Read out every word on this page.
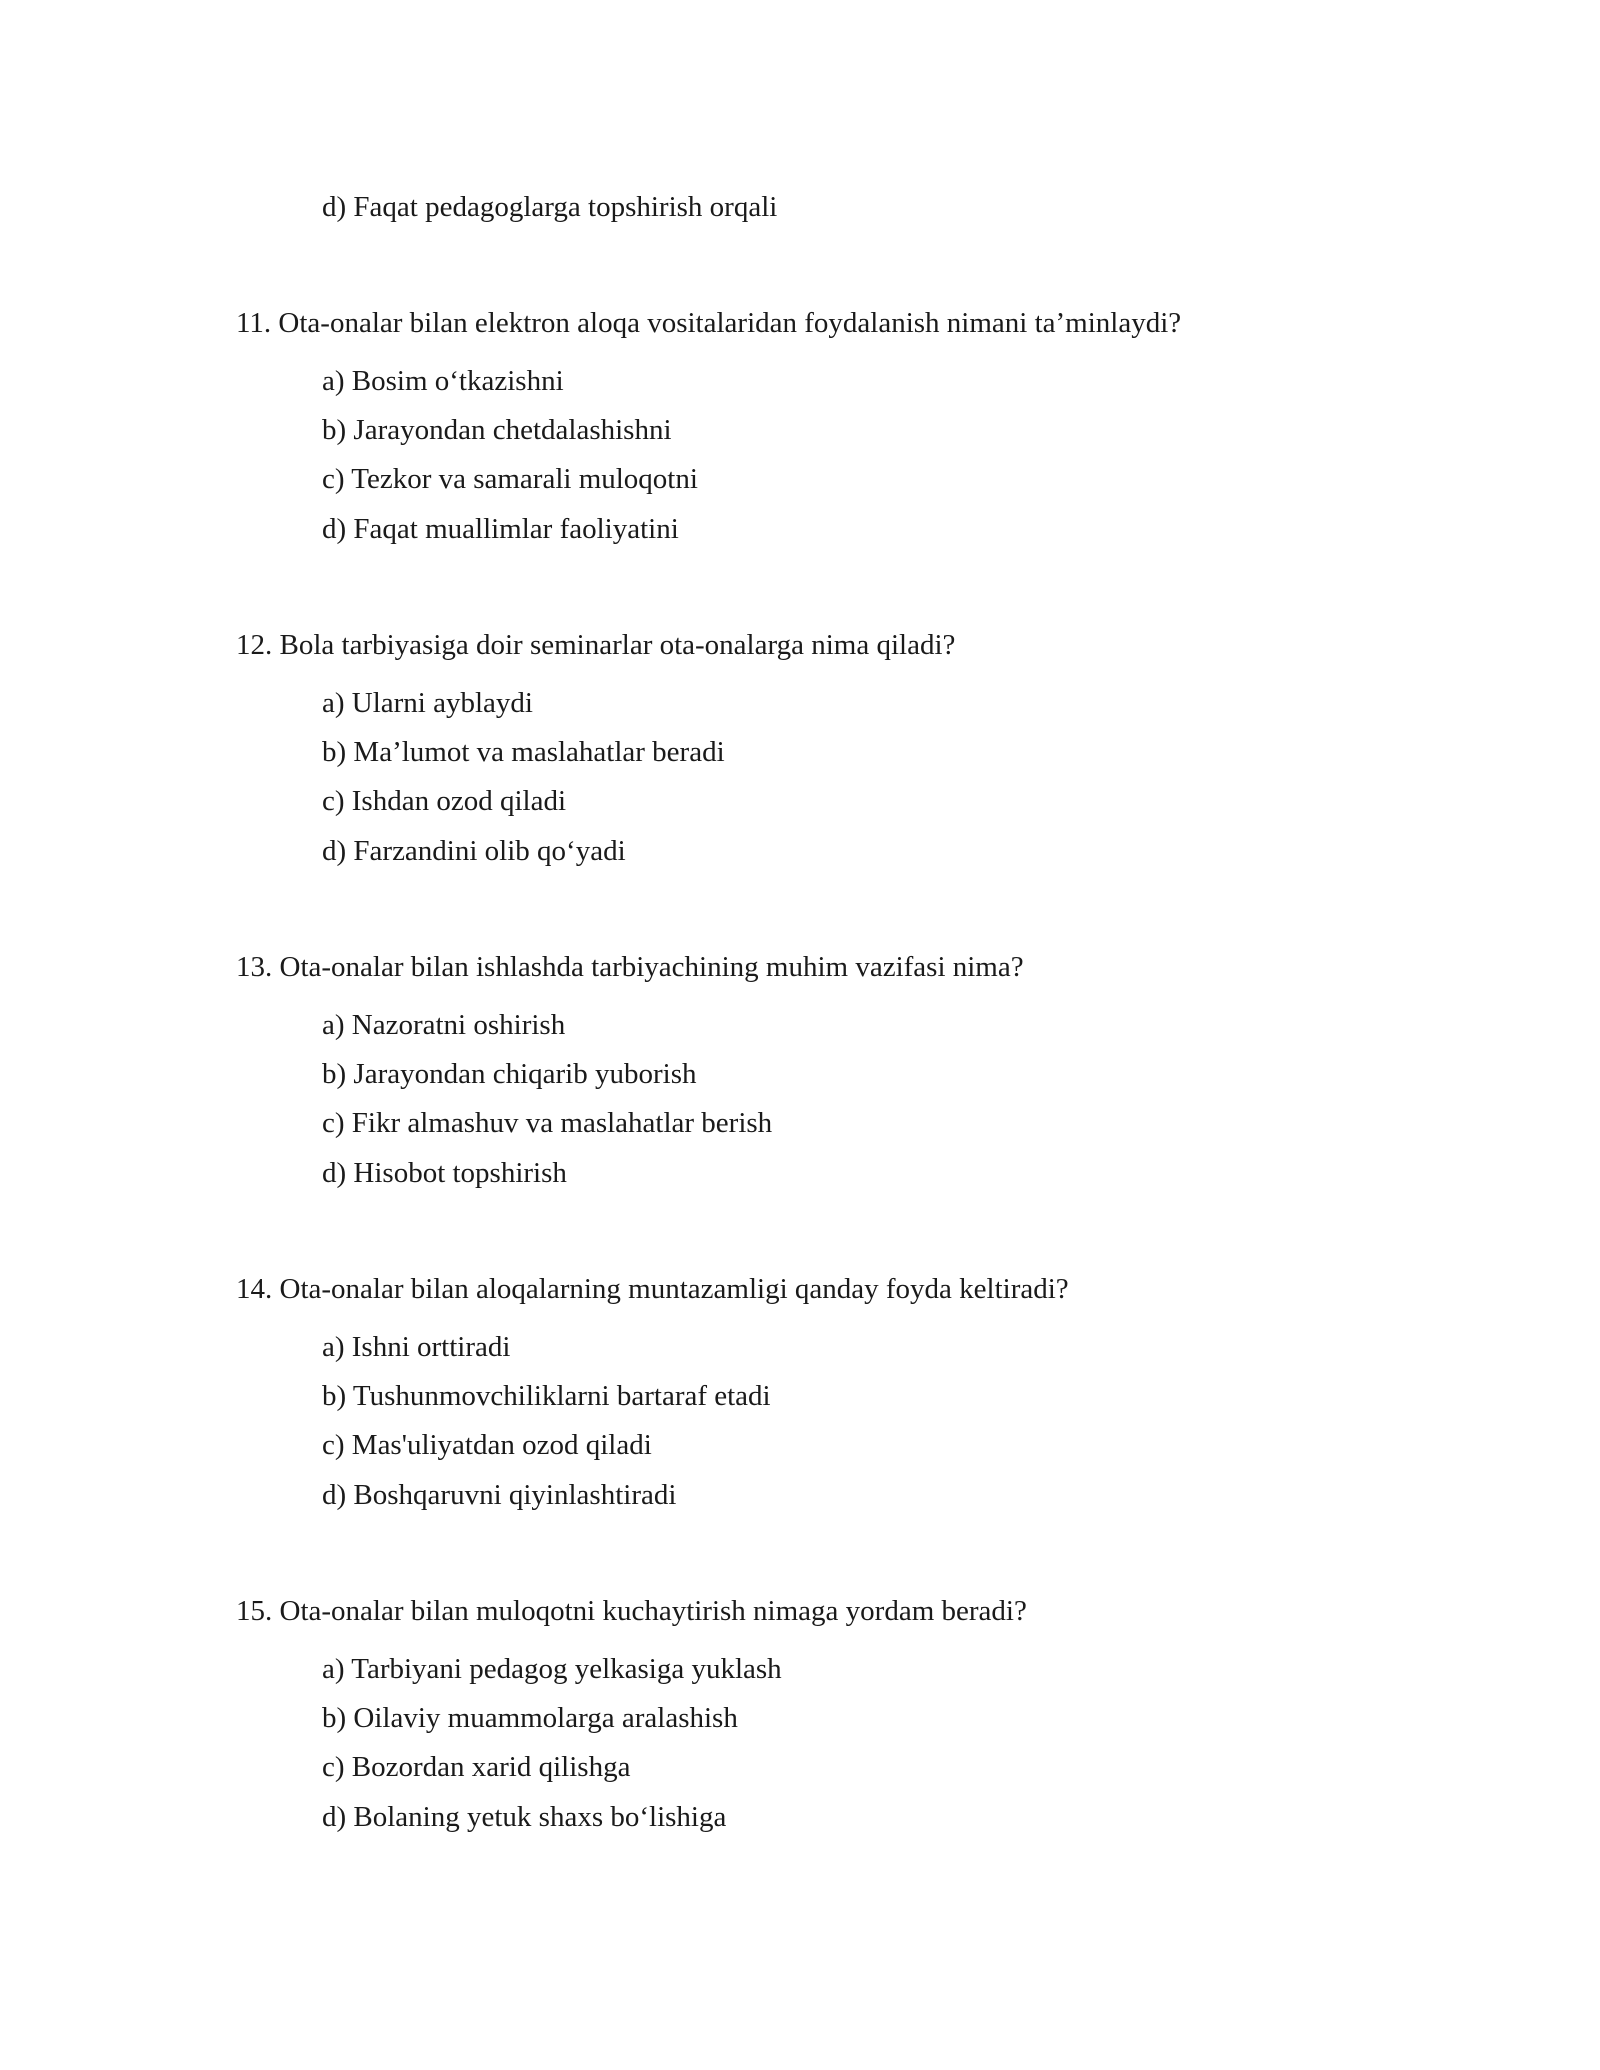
d) Faqat pedagoglarga topshirish orqali
11. Ota-onalar bilan elektron aloqa vositalaridan foydalanish nimani ta’minlaydi?
a) Bosim o‘tkazishni
b) Jarayondan chetdalashishni
c) Tezkor va samarali muloqotni
d) Faqat muallimlar faoliyatini
12. Bola tarbiyasiga doir seminarlar ota-onalarga nima qiladi?
a) Ularni ayblaydi
b) Ma’lumot va maslahatlar beradi
c) Ishdan ozod qiladi
d) Farzandini olib qo‘yadi
13. Ota-onalar bilan ishlashda tarbiyachining muhim vazifasi nima?
a) Nazoratni oshirish
b) Jarayondan chiqarib yuborish
c) Fikr almashuv va maslahatlar berish
d) Hisobot topshirish
14. Ota-onalar bilan aloqalarning muntazamligi qanday foyda keltiradi?
a) Ishni orttiradi
b) Tushunmovchiliklarni bartaraf etadi
c) Mas'uliyatdan ozod qiladi
d) Boshqaruvni qiyinlashtiradi
15. Ota-onalar bilan muloqotni kuchaytirish nimaga yordam beradi?
a) Tarbiyani pedagog yelkasiga yuklash
b) Oilaviy muammolarga aralashish
c) Bozordan xarid qilishga
d) Bolaning yetuk shaxs bo‘lishiga
